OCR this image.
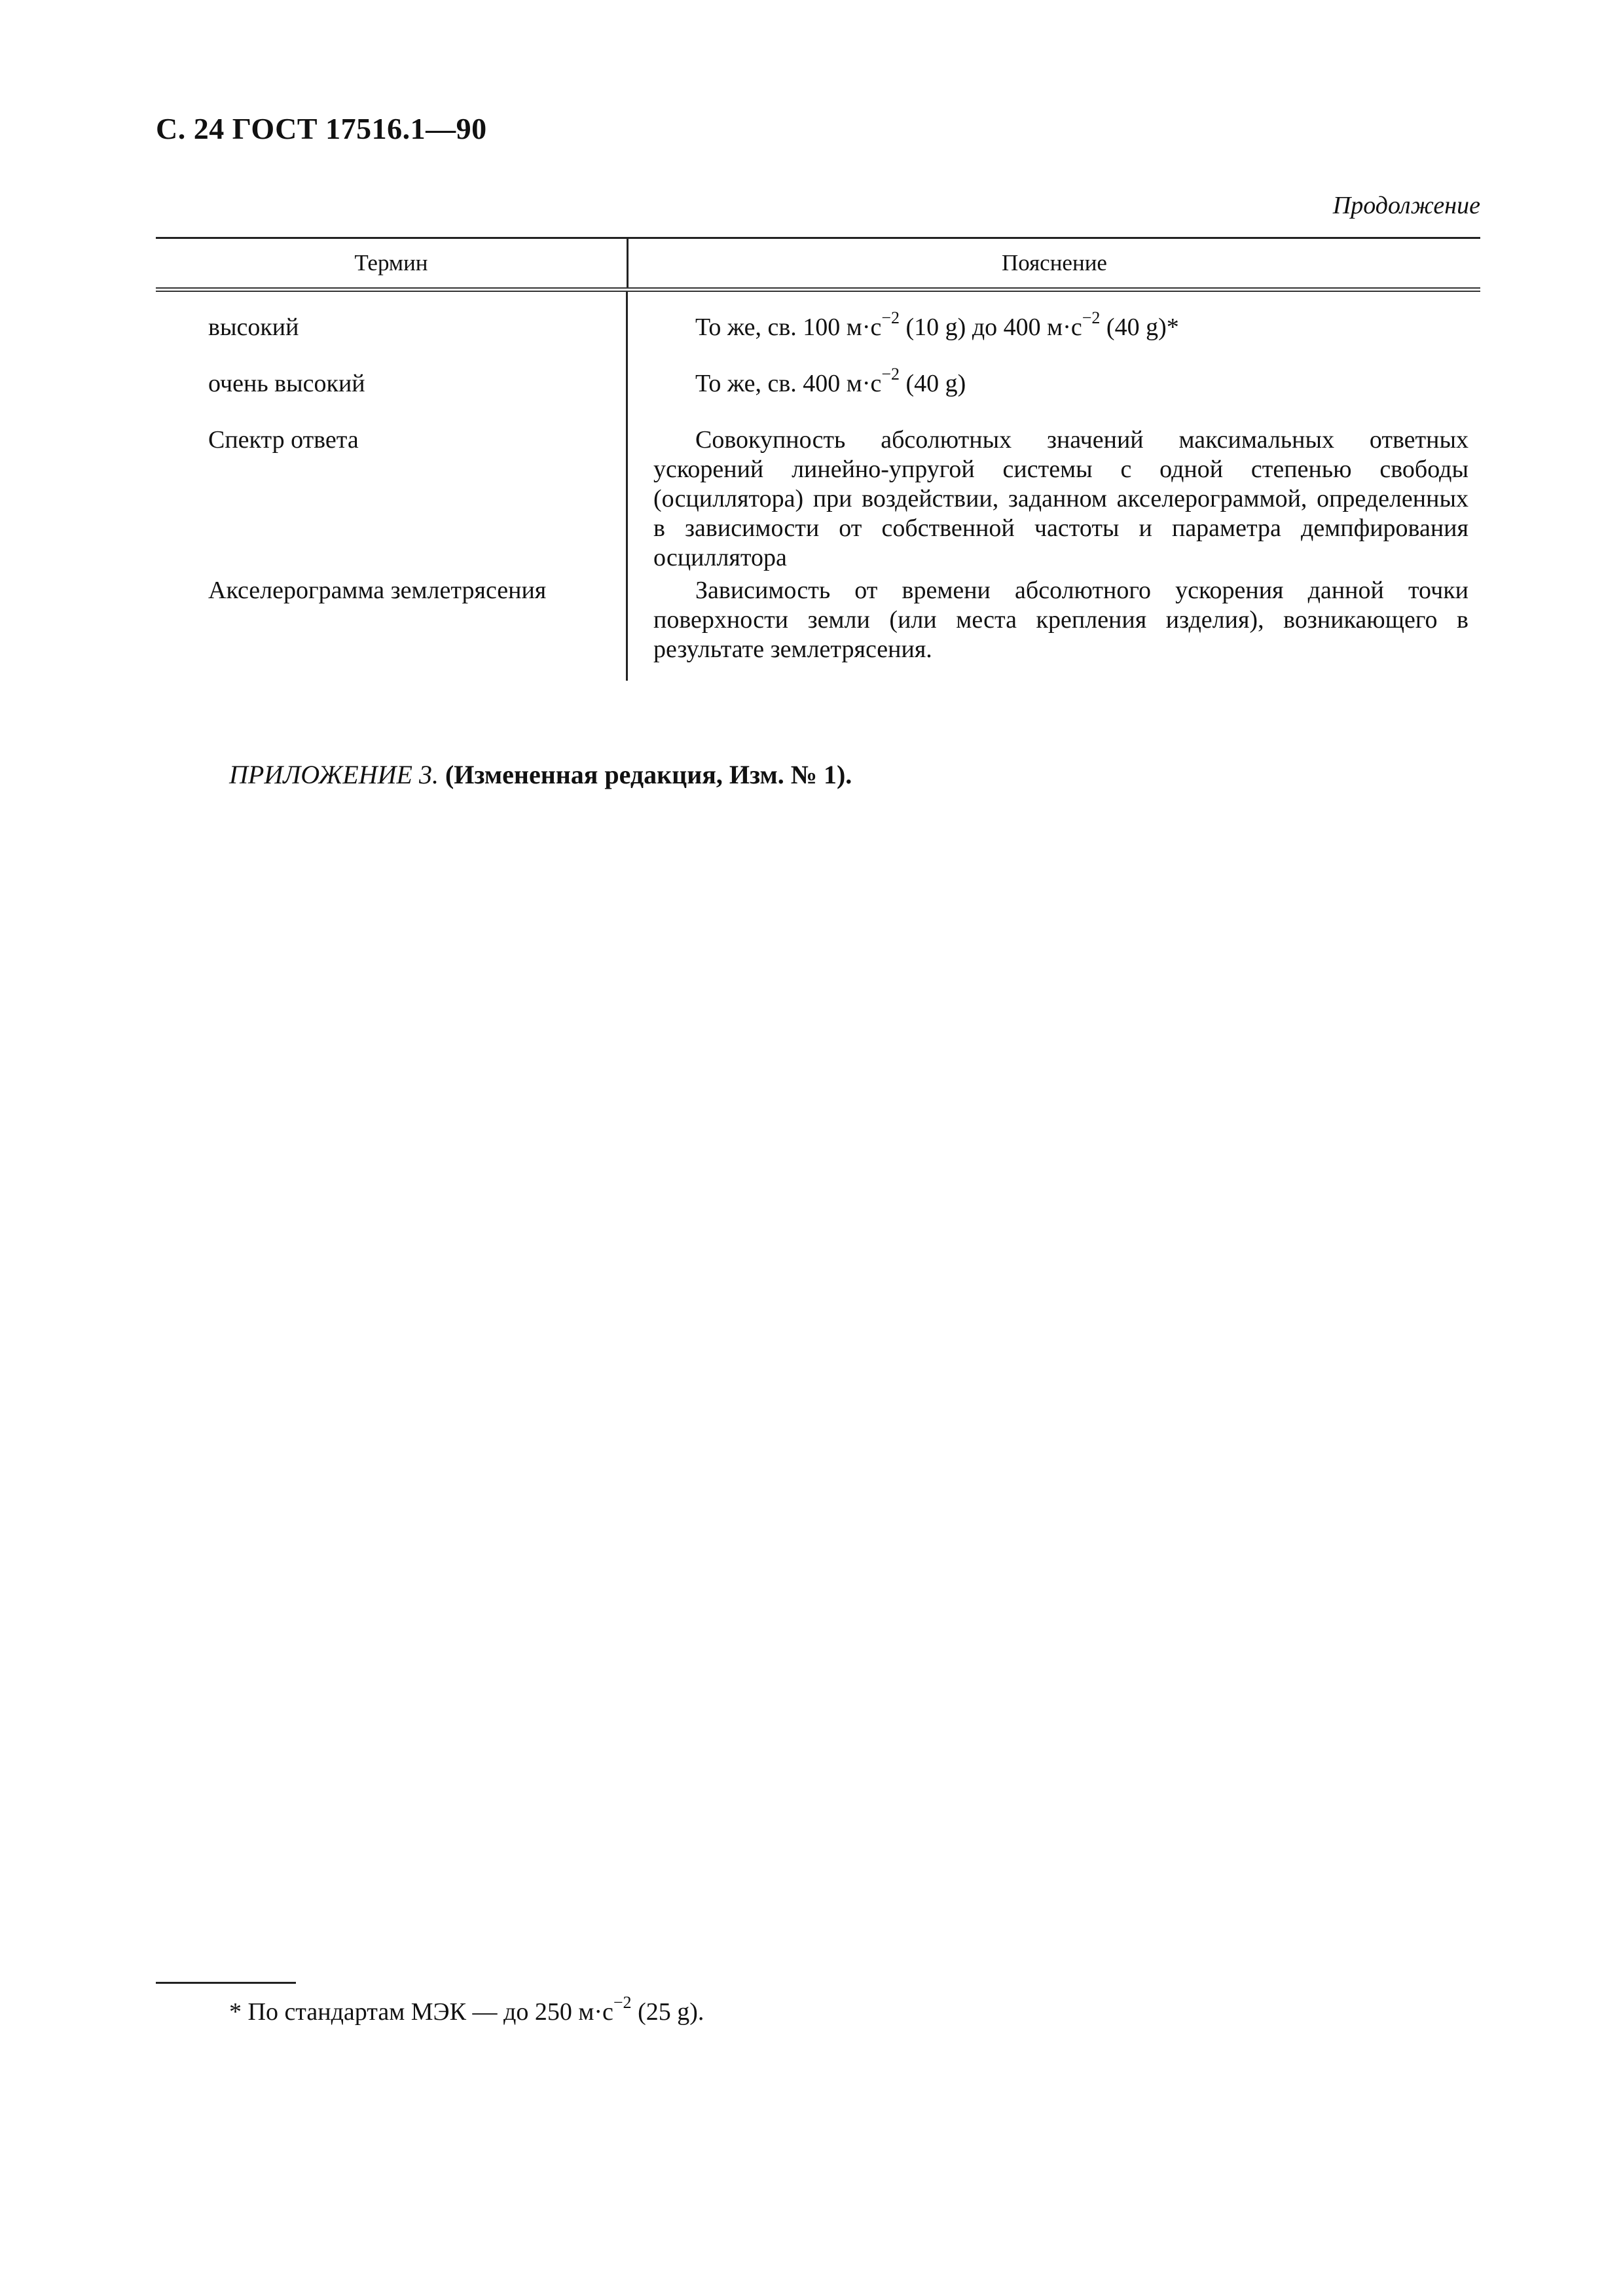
С. 24 ГОСТ 17516.1—90
Продолжение
Термин	Пояснение
высокий	То же, св. 100 $м\cdot с^{-2}$ (10 g) до 400 $м\cdot с^{-2}$ (40 g)*
очень высокий	То же, св. 400 $м\cdot с^{-2}$ (40 g)
Спектр ответа	Совокупность абсолютных значений максимальных ответных ускорений линейно-упругой системы с одной степенью свободы (осциллятора) при воздействии, заданном акселерограммой, определенных в зависимости от собственной частоты и параметра демпфирования осциллятора
Акселерограмма землетрясения	Зависимость от времени абсолютного ускорения данной точки поверхности земли (или места крепления изделия), возникающего в результате землетрясения.
ПРИЛОЖЕНИЕ 3. (Измененная редакция, Изм. № 1).
* По стандартам МЭК — до 250 $м\cdot с^{-2}$ (25 g).
